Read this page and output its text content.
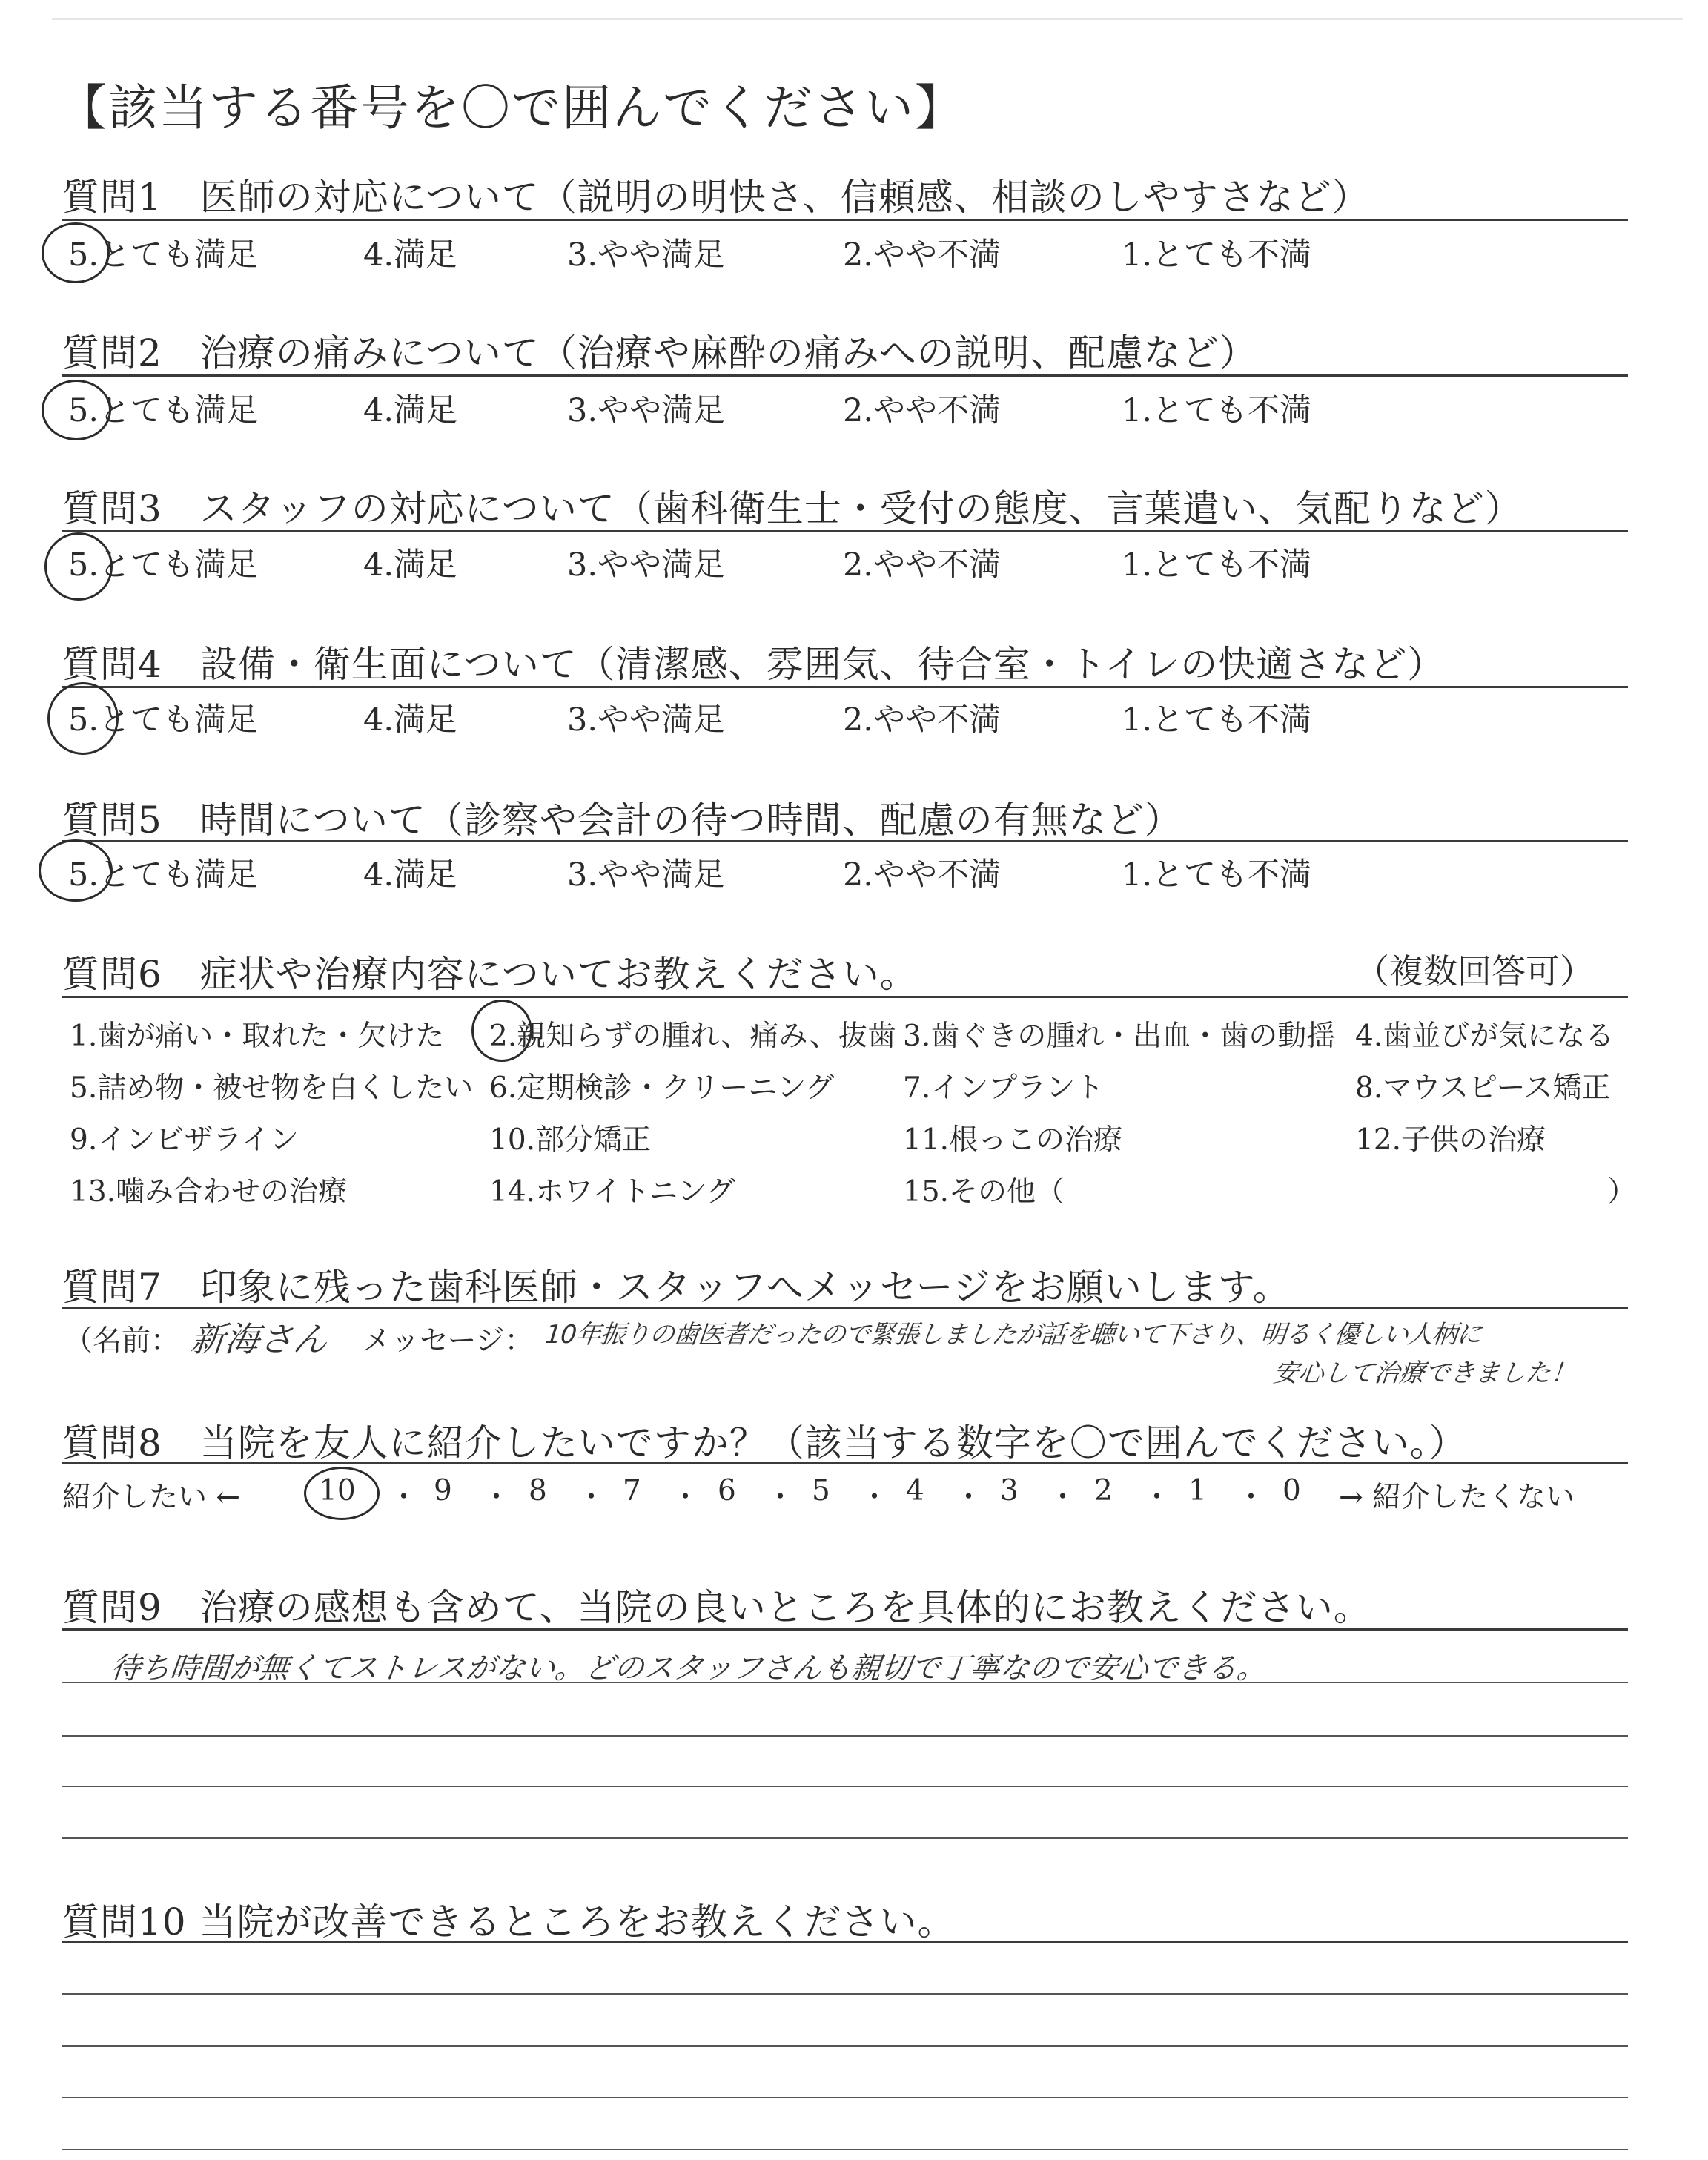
【該当する番号を〇で囲んでください】
質問1　医師の対応について（説明の明快さ、信頼感、相談のしやすさなど）
5.とても満足	4.満足	3.やや満足	2.やや不満	1.とても不満
質問2　治療の痛みについて（治療や麻酔の痛みへの説明、配慮など）
5.とても満足	4.満足	3.やや満足	2.やや不満	1.とても不満
質問3　スタッフの対応について（歯科衛生士・受付の態度、言葉遣い、気配りなど）
5.とても満足	4.満足	3.やや満足	2.やや不満	1.とても不満
質問4　設備・衛生面について（清潔感、雰囲気、待合室・トイレの快適さなど）
5.とても満足	4.満足	3.やや満足	2.やや不満	1.とても不満
質問5　時間について（診察や会計の待つ時間、配慮の有無など）
5.とても満足	4.満足	3.やや満足	2.やや不満	1.とても不満
質問6　症状や治療内容についてお教えください。	（複数回答可）
1.歯が痛い・取れた・欠けた 2.親知らずの腫れ、痛み、抜歯 3.歯ぐきの腫れ・出血・歯の動揺 4.歯並びが気になる
5.詰め物・被せ物を白くしたい 6.定期検診・クリーニング 7.インプラント	8.マウスピース矯正
9.インビザライン	10.部分矯正	11.根っこの治療	12.子供の治療
13.噛み合わせの治療	14.ホワイトニング	15.その他（	）
質問7　印象に残った歯科医師・スタッフへメッセージをお願いします。
（名前： 新海さん メッセージ： 10年振りの歯医者だったので緊張しましたが話を聴いて下さり、明るく優しい人柄に
安心して治療できました！
質問8　当院を友人に紹介したいですか？（該当する数字を〇で囲んでください。）
紹介したい ←	10 ・ 9 ・ 8 ・ 7 ・ 6 ・ 5 ・ 4 ・ 3 ・ 2 ・ 1 ・ 0 → 紹介したくない
質問9　治療の感想も含めて、当院の良いところを具体的にお教えください。
待ち時間が無くてストレスがない。どのスタッフさんも親切で丁寧なので安心できる。
質問10 当院が改善できるところをお教えください。
